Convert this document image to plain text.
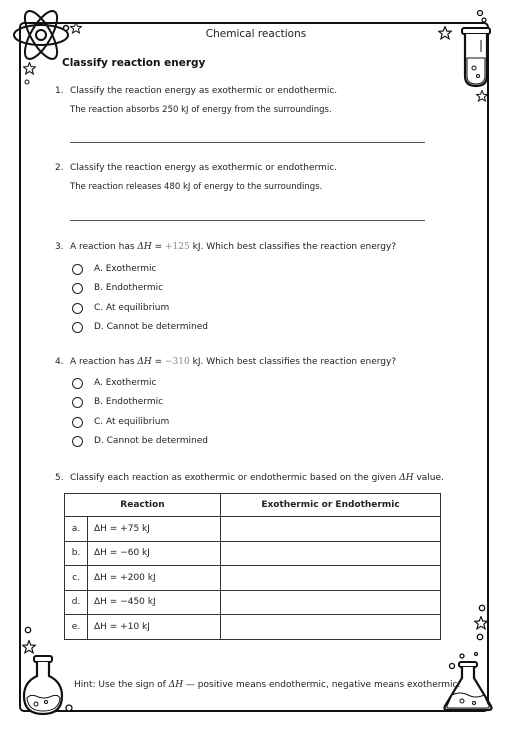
Chemical reactions
Classify reaction energy
1. Classify the reaction energy as exothermic or endothermic.
The reaction absorbs 250 kJ of energy from the surroundings.
2. Classify the reaction energy as exothermic or endothermic.
The reaction releases 480 kJ of energy to the surroundings.
3. A reaction has ΔH = +125 kJ. Which best classifies the reaction energy?
A. Exothermic
B. Endothermic
C. At equilibrium
D. Cannot be determined
4. A reaction has ΔH = −310 kJ. Which best classifies the reaction energy?
A. Exothermic
B. Endothermic
C. At equilibrium
D. Cannot be determined
5. Classify each reaction as exothermic or endothermic based on the given ΔH value.
Reaction		Exothermic or Endothermic
a.	ΔH = +75 kJ	
b.	ΔH = −60 kJ	
c.	ΔH = +200 kJ	
d.	ΔH = −450 kJ	
e.	ΔH = +10 kJ	
Hint: Use the sign of ΔH — positive means endothermic, negative means exothermic.
